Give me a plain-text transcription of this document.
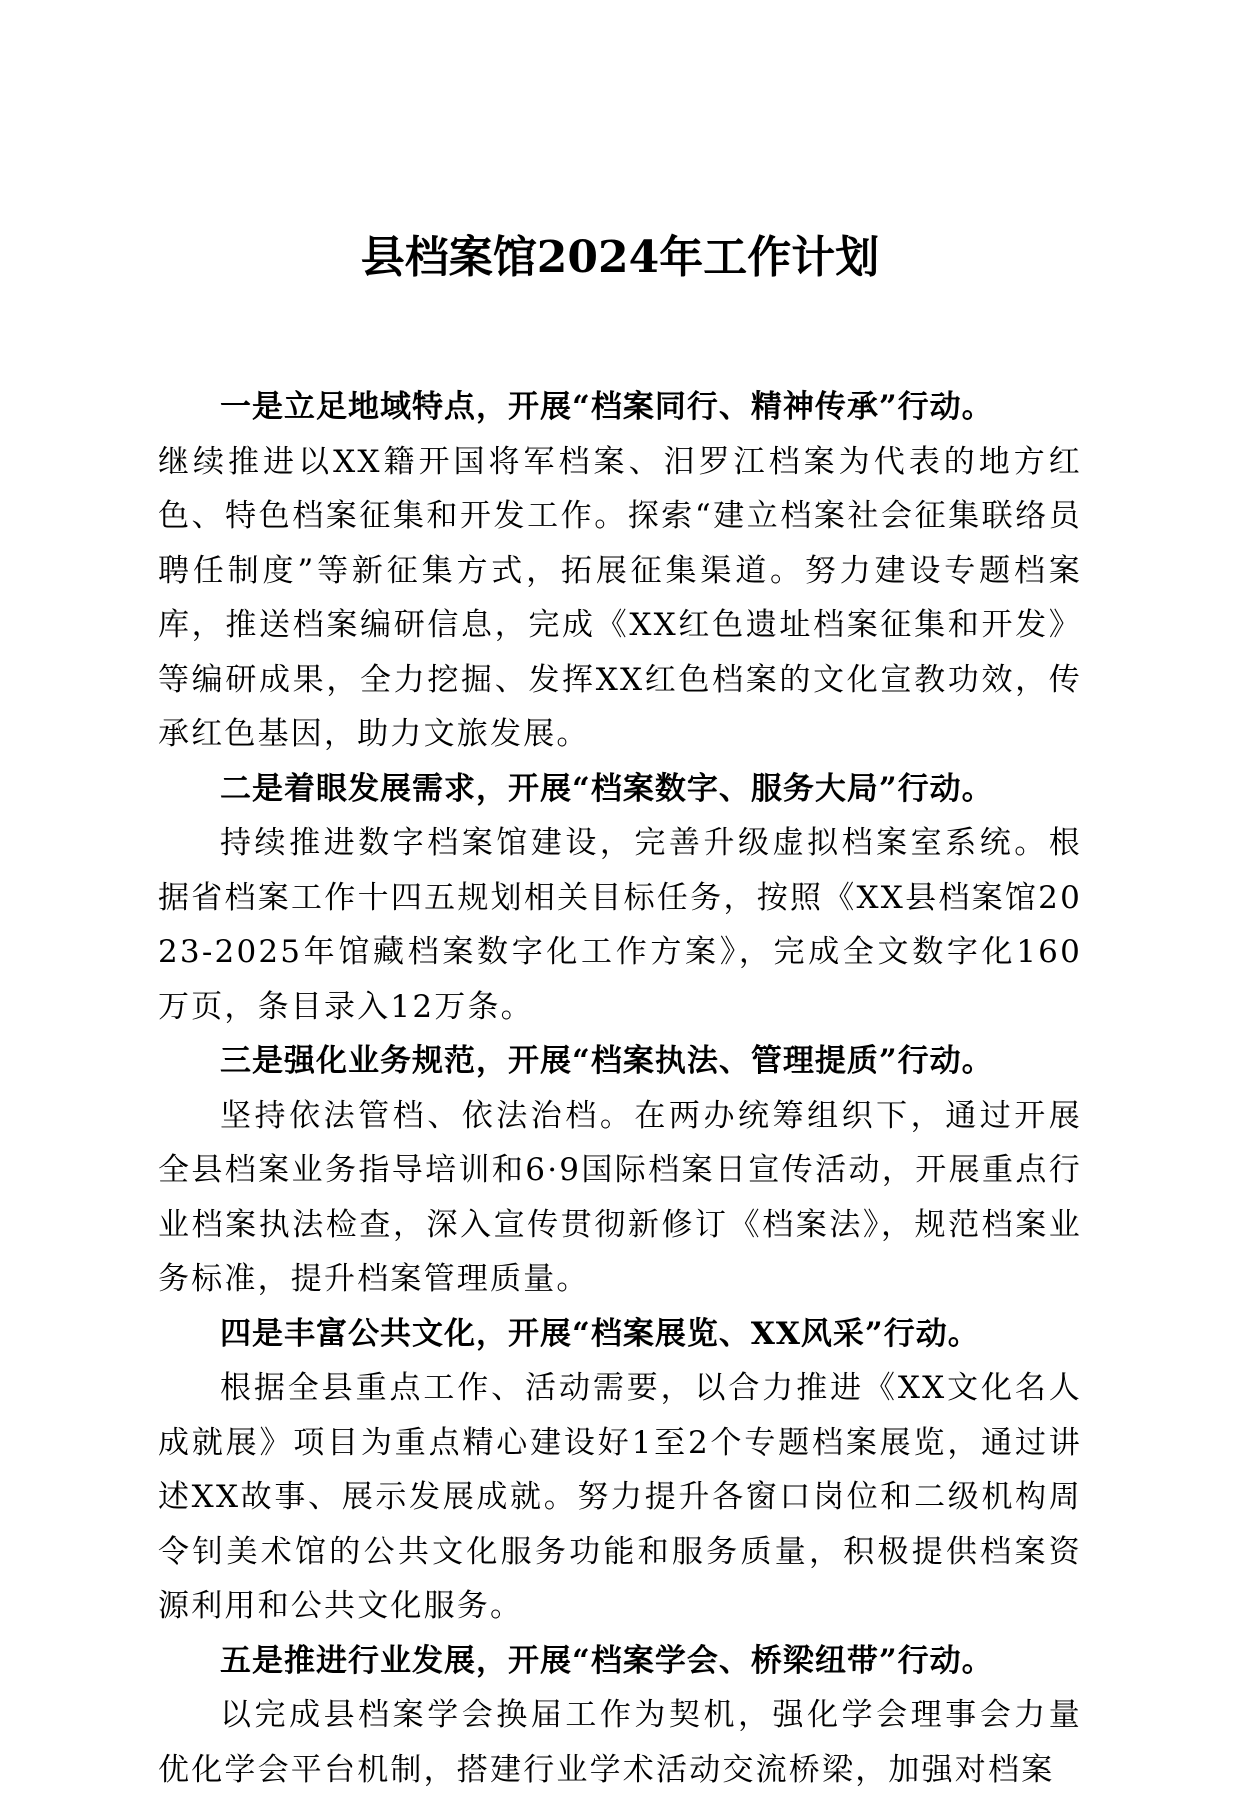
县档案馆2024年工作计划

一是立足地域特点，开展“档案同行、精神传承”行动。

继续推进以XX籍开国将军档案、汨罗江档案为代表的地方红色、特色档案征集和开发工作。探索“建立档案社会征集联络员聘任制度”等新征集方式，拓展征集渠道。努力建设专题档案库，推送档案编研信息，完成《XX红色遗址档案征集和开发》等编研成果，全力挖掘、发挥XX红色档案的文化宣教功效，传承红色基因，助力文旅发展。

二是着眼发展需求，开展“档案数字、服务大局”行动。

持续推进数字档案馆建设，完善升级虚拟档案室系统。根据省档案工作十四五规划相关目标任务，按照《XX县档案馆2023-2025年馆藏档案数字化工作方案》，完成全文数字化160万页，条目录入12万条。

三是强化业务规范，开展“档案执法、管理提质”行动。

坚持依法管档、依法治档。在两办统筹组织下，通过开展全县档案业务指导培训和6·9国际档案日宣传活动，开展重点行业档案执法检查，深入宣传贯彻新修订《档案法》，规范档案业务标准，提升档案管理质量。

四是丰富公共文化，开展“档案展览、XX风采”行动。

根据全县重点工作、活动需要，以合力推进《XX文化名人成就展》项目为重点精心建设好1至2个专题档案展览，通过讲述XX故事、展示发展成就。努力提升各窗口岗位和二级机构周令钊美术馆的公共文化服务功能和服务质量，积极提供档案资源利用和公共文化服务。

五是推进行业发展，开展“档案学会、桥梁纽带”行动。

以完成县档案学会换届工作为契机，强化学会理事会力量优化学会平台机制，搭建行业学术活动交流桥梁，加强对档案
